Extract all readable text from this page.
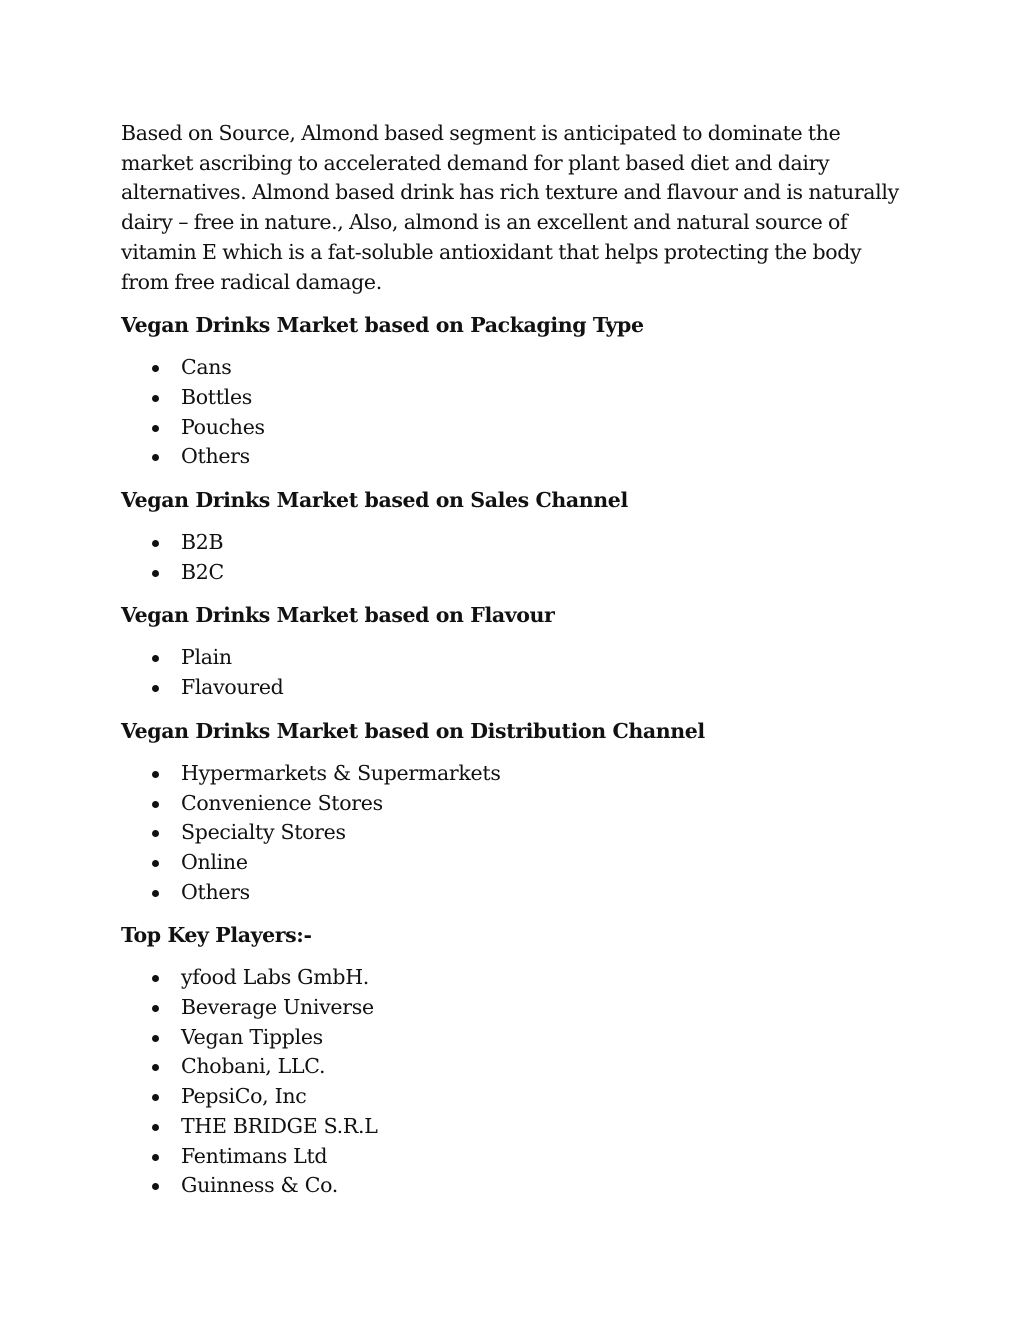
Based on Source, Almond based segment is anticipated to dominate the market ascribing to accelerated demand for plant based diet and dairy alternatives. Almond based drink has rich texture and flavour and is naturally dairy – free in nature., Also, almond is an excellent and natural source of vitamin E which is a fat-soluble antioxidant that helps protecting the body from free radical damage.

Vegan Drinks Market based on Packaging Type
Cans
Bottles
Pouches
Others
Vegan Drinks Market based on Sales Channel
B2B
B2C
Vegan Drinks Market based on Flavour
Plain
Flavoured
Vegan Drinks Market based on Distribution Channel
Hypermarkets & Supermarkets
Convenience Stores
Specialty Stores
Online
Others
Top Key Players:-
yfood Labs GmbH.
Beverage Universe
Vegan Tipples
Chobani, LLC.
PepsiCo, Inc
THE BRIDGE S.R.L
Fentimans Ltd
Guinness & Co.
